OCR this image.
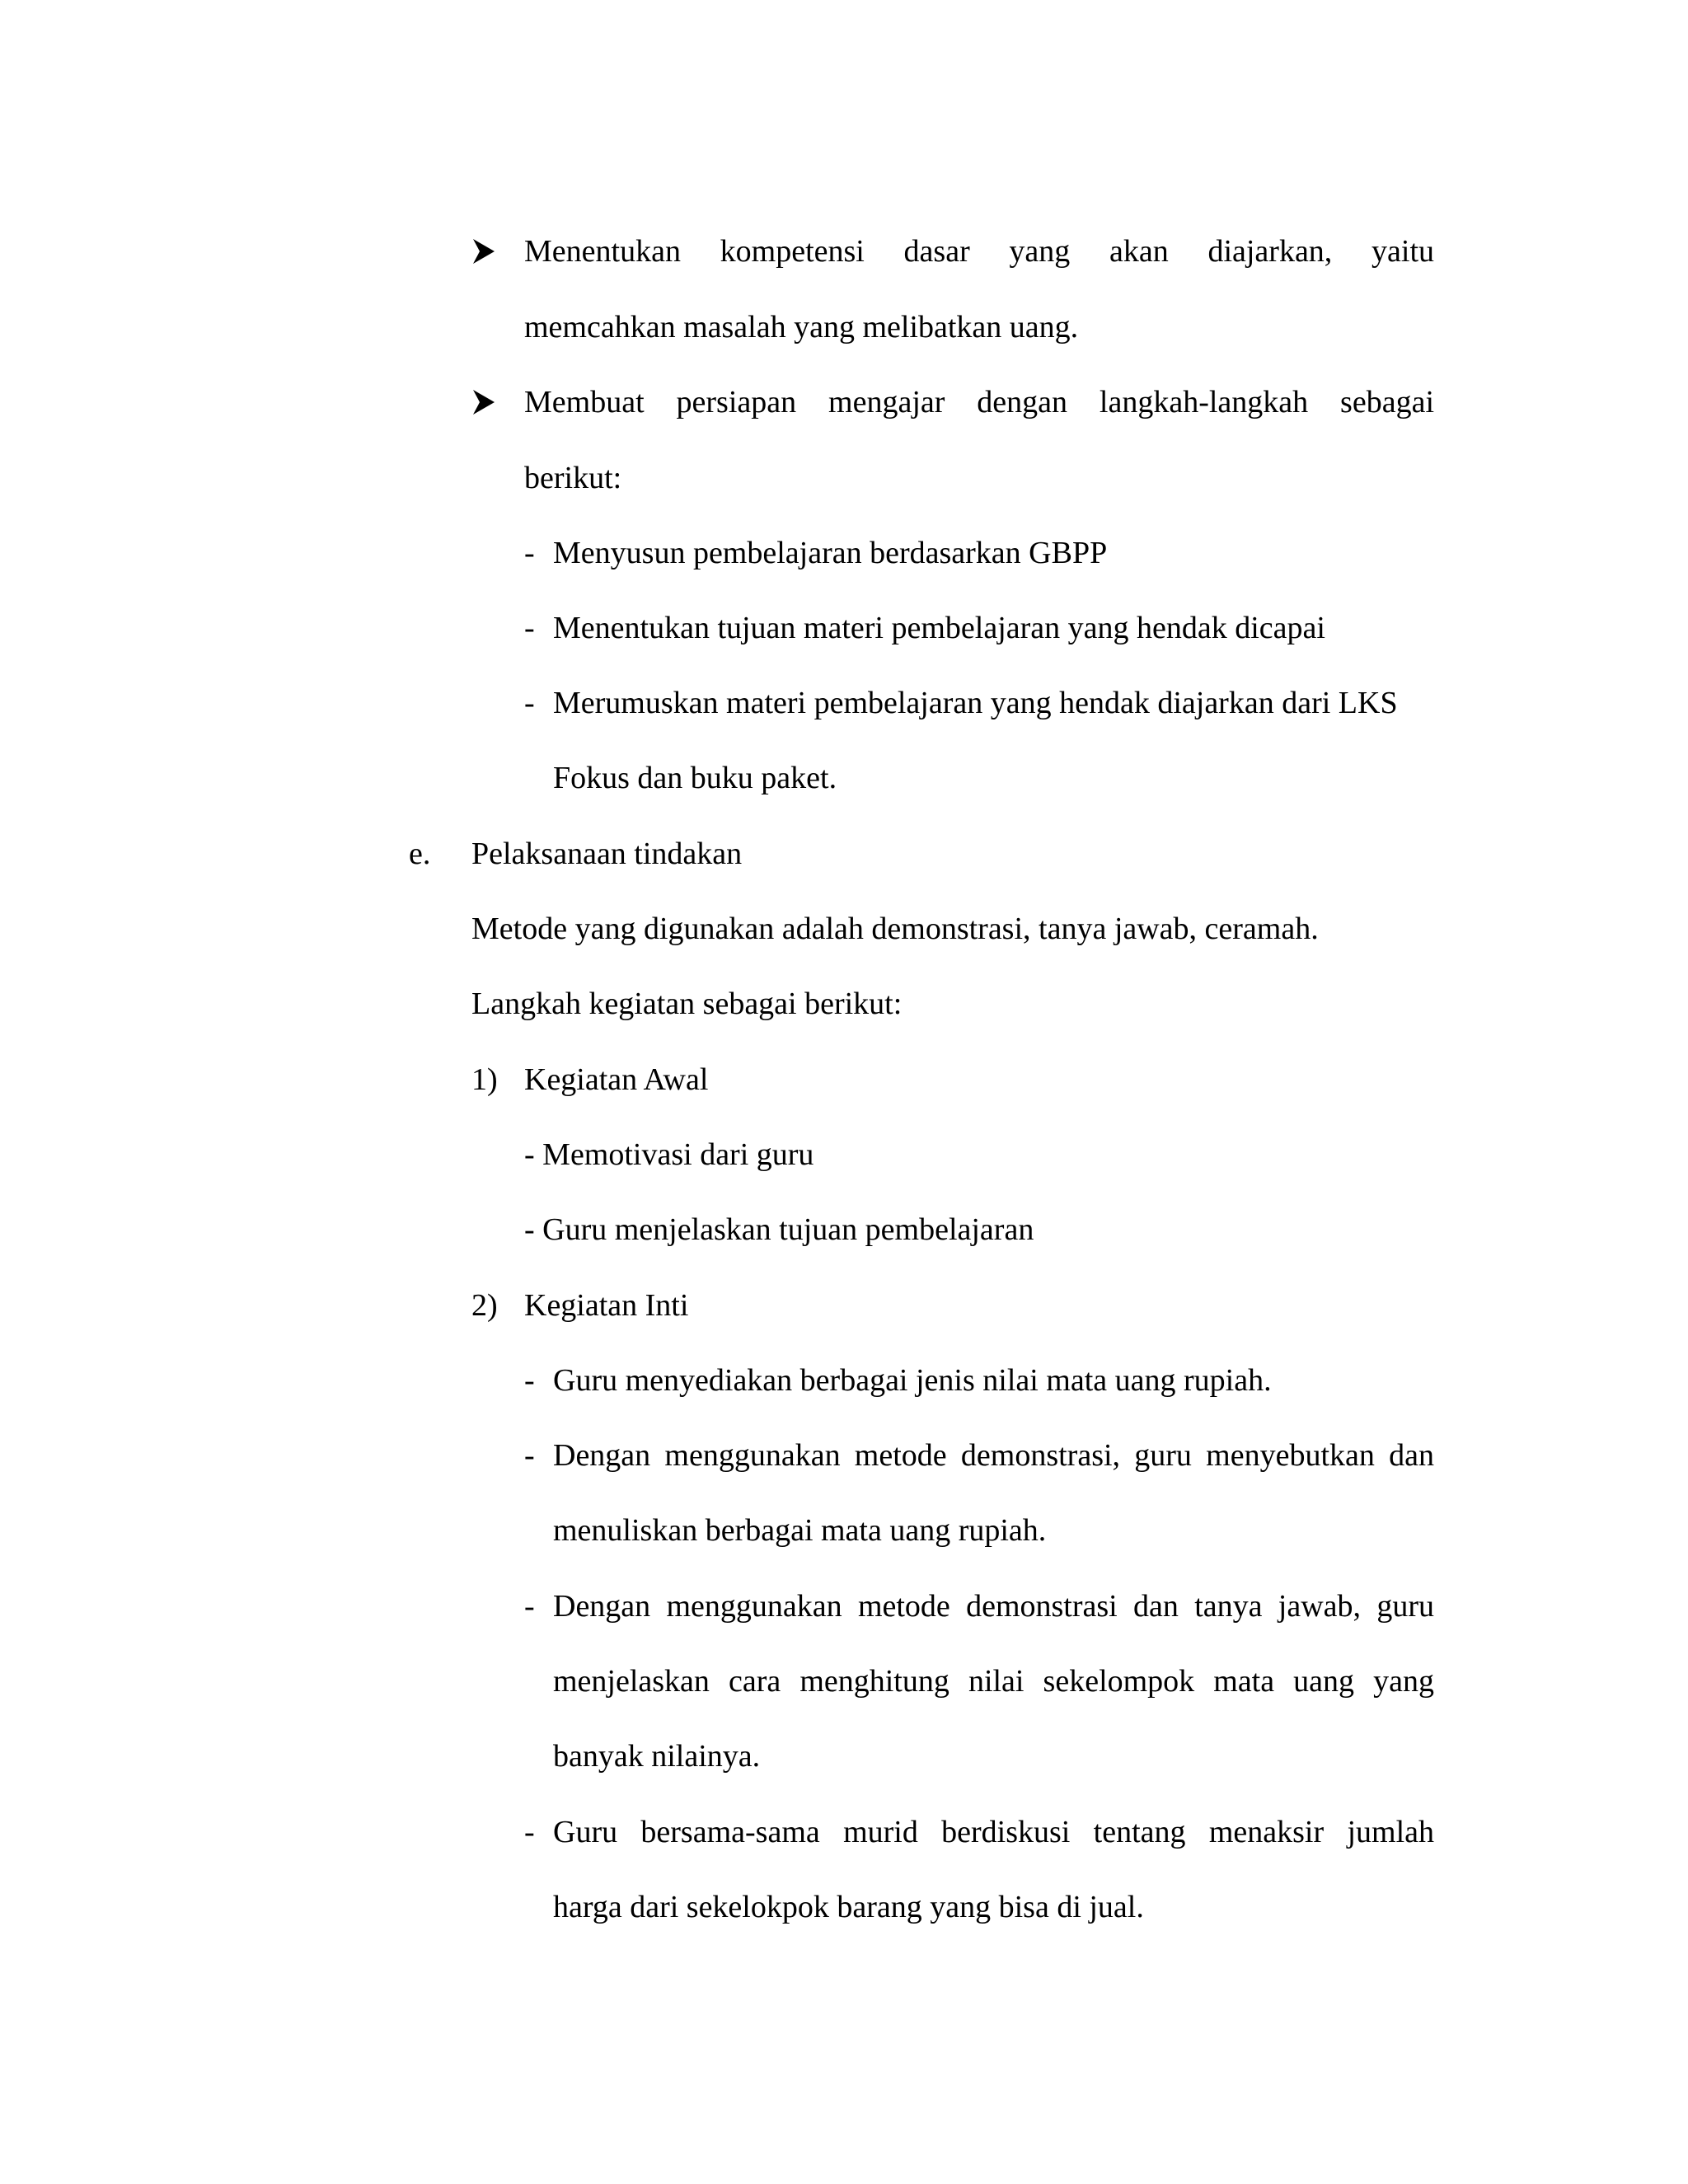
Menentukan kompetensi dasar yang akan diajarkan, yaitu
memcahkan masalah yang melibatkan uang.
Membuat persiapan mengajar dengan langkah-langkah sebagai
berikut:
- Menyusun pembelajaran berdasarkan GBPP
- Menentukan tujuan materi pembelajaran yang hendak dicapai
- Merumuskan materi pembelajaran yang hendak diajarkan dari LKS
Fokus dan buku paket.
e. Pelaksanaan tindakan
Metode yang digunakan adalah demonstrasi, tanya jawab, ceramah.
Langkah kegiatan sebagai berikut:
1) Kegiatan Awal
- Memotivasi dari guru
- Guru menjelaskan tujuan pembelajaran
2) Kegiatan Inti
- Guru menyediakan berbagai jenis nilai mata uang rupiah.
- Dengan menggunakan metode demonstrasi, guru menyebutkan dan
menuliskan berbagai mata uang rupiah.
- Dengan menggunakan metode demonstrasi dan tanya jawab, guru
menjelaskan cara menghitung nilai sekelompok mata uang yang
banyak nilainya.
- Guru bersama-sama murid berdiskusi tentang menaksir jumlah
harga dari sekelokpok barang yang bisa di jual.
